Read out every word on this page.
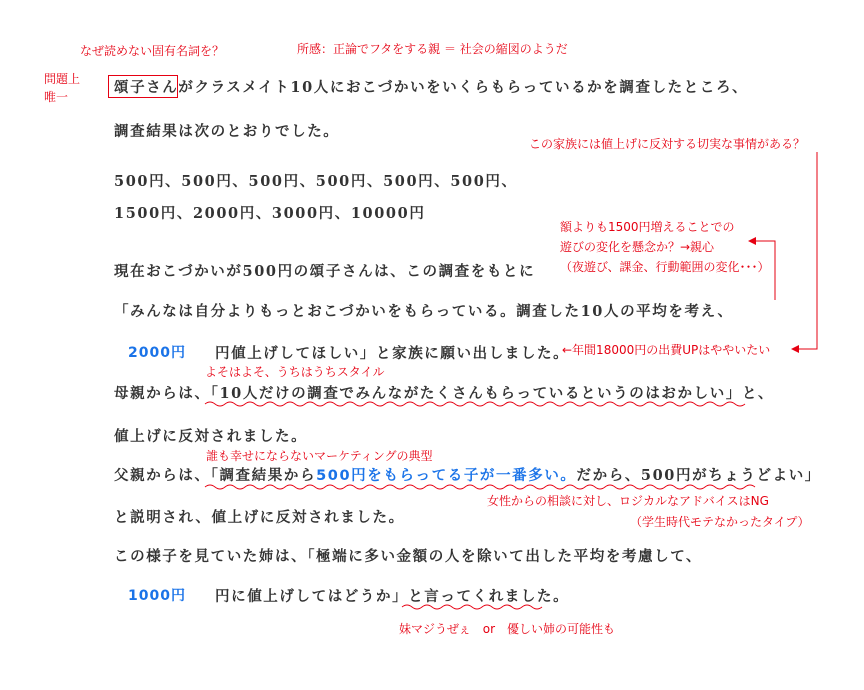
なぜ読めない固有名詞を？	所感：正論でフタをする親 ＝ 社会の縮図のようだ
問題上
唯一
この家族には値上げに反対する切実な事情がある？
額よりも1500円増えることでの
遊びの変化を懸念か？→親心
（夜遊び、課金、行動範囲の変化･･･）
←年間18000円の出費UPはややいたい
よそはよそ、うちはうちスタイル
誰も幸せにならないマーケティングの典型
女性からの相談に対し、ロジカルなアドバイスはNG
（学生時代モテなかったタイプ）
妹マジうぜぇ　or　優しい姉の可能性も
頌子さんがクラスメイト10人におこづかいをいくらもらっているかを調査したところ、
調査結果は次のとおりでした。
500円、500円、500円、500円、500円、500円、
1500円、2000円、3000円、10000円
現在おこづかいが500円の頌子さんは、この調査をもとに
「みんなは自分よりもっとおこづかいをもらっている。調査した10人の平均を考え、
2000円 円値上げしてほしい」と家族に願い出しました。
母親からは、「10人だけの調査でみんながたくさんもらっているというのはおかしい」と、
値上げに反対されました。
父親からは、「調査結果から500円をもらってる子が一番多い。だから、500円がちょうどよい」
と説明され、値上げに反対されました。
この様子を見ていた姉は、「極端に多い金額の人を除いて出した平均を考慮して、
1000円 円に値上げしてはどうか」と言ってくれました。
